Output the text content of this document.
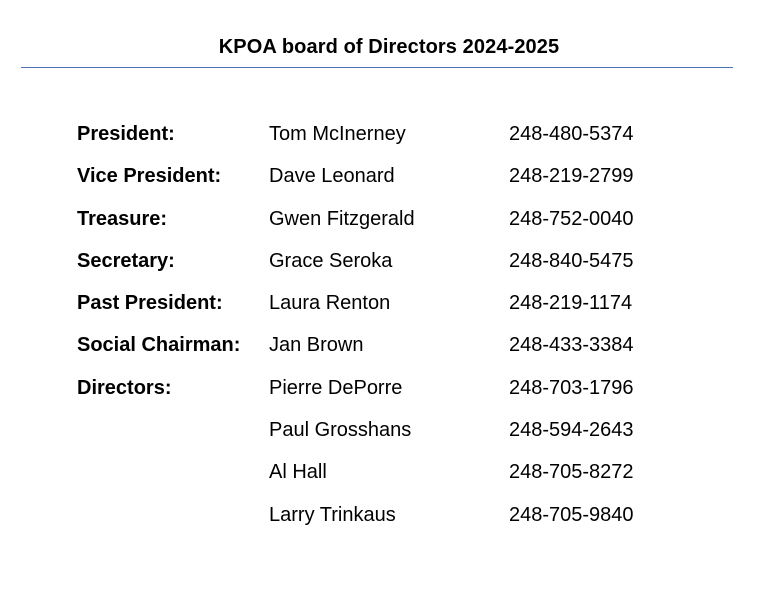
KPOA board of Directors 2024-2025
President:	Tom McInerney	248-480-5374
Vice President: Dave Leonard	248-219-2799
Treasure:	Gwen Fitzgerald	248-752-0040
Secretary:	Grace Seroka	248-840-5475
Past President: Laura Renton	248-219-1174
Social Chairman: Jan Brown	248-433-3384
Directors:	Pierre DePorre	248-703-1796
Paul Grosshans	248-594-2643
Al Hall	248-705-8272
Larry Trinkaus	248-705-9840
